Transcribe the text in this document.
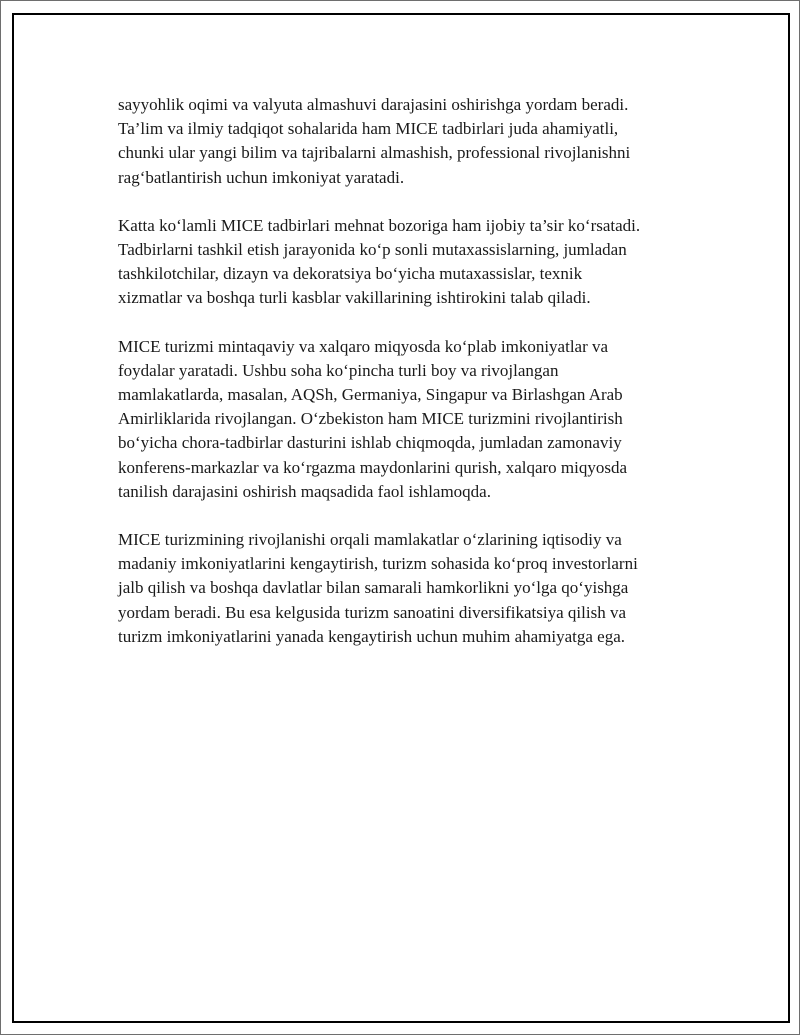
sayyohlik oqimi va valyuta almashuvi darajasini oshirishga yordam beradi.
Ta’lim va ilmiy tadqiqot sohalarida ham MICE tadbirlari juda ahamiyatli,
chunki ular yangi bilim va tajribalarni almashish, professional rivojlanishni
rag‘batlantirish uchun imkoniyat yaratadi.

Katta ko‘lamli MICE tadbirlari mehnat bozoriga ham ijobiy ta’sir ko‘rsatadi.
Tadbirlarni tashkil etish jarayonida ko‘p sonli mutaxassislarning, jumladan
tashkilotchilar, dizayn va dekoratsiya bo‘yicha mutaxassislar, texnik
xizmatlar va boshqa turli kasblar vakillarining ishtirokini talab qiladi.

MICE turizmi mintaqaviy va xalqaro miqyosda ko‘plab imkoniyatlar va
foydalar yaratadi. Ushbu soha ko‘pincha turli boy va rivojlangan
mamlakatlarda, masalan, AQSh, Germaniya, Singapur va Birlashgan Arab
Amirliklarida rivojlangan. O‘zbekiston ham MICE turizmini rivojlantirish
bo‘yicha chora-tadbirlar dasturini ishlab chiqmoqda, jumladan zamonaviy
konferens-markazlar va ko‘rgazma maydonlarini qurish, xalqaro miqyosda
tanilish darajasini oshirish maqsadida faol ishlamoqda.

MICE turizmining rivojlanishi orqali mamlakatlar o‘zlarining iqtisodiy va
madaniy imkoniyatlarini kengaytirish, turizm sohasida ko‘proq investorlarni
jalb qilish va boshqa davlatlar bilan samarali hamkorlikni yo‘lga qo‘yishga
yordam beradi. Bu esa kelgusida turizm sanoatini diversifikatsiya qilish va
turizm imkoniyatlarini yanada kengaytirish uchun muhim ahamiyatga ega.
